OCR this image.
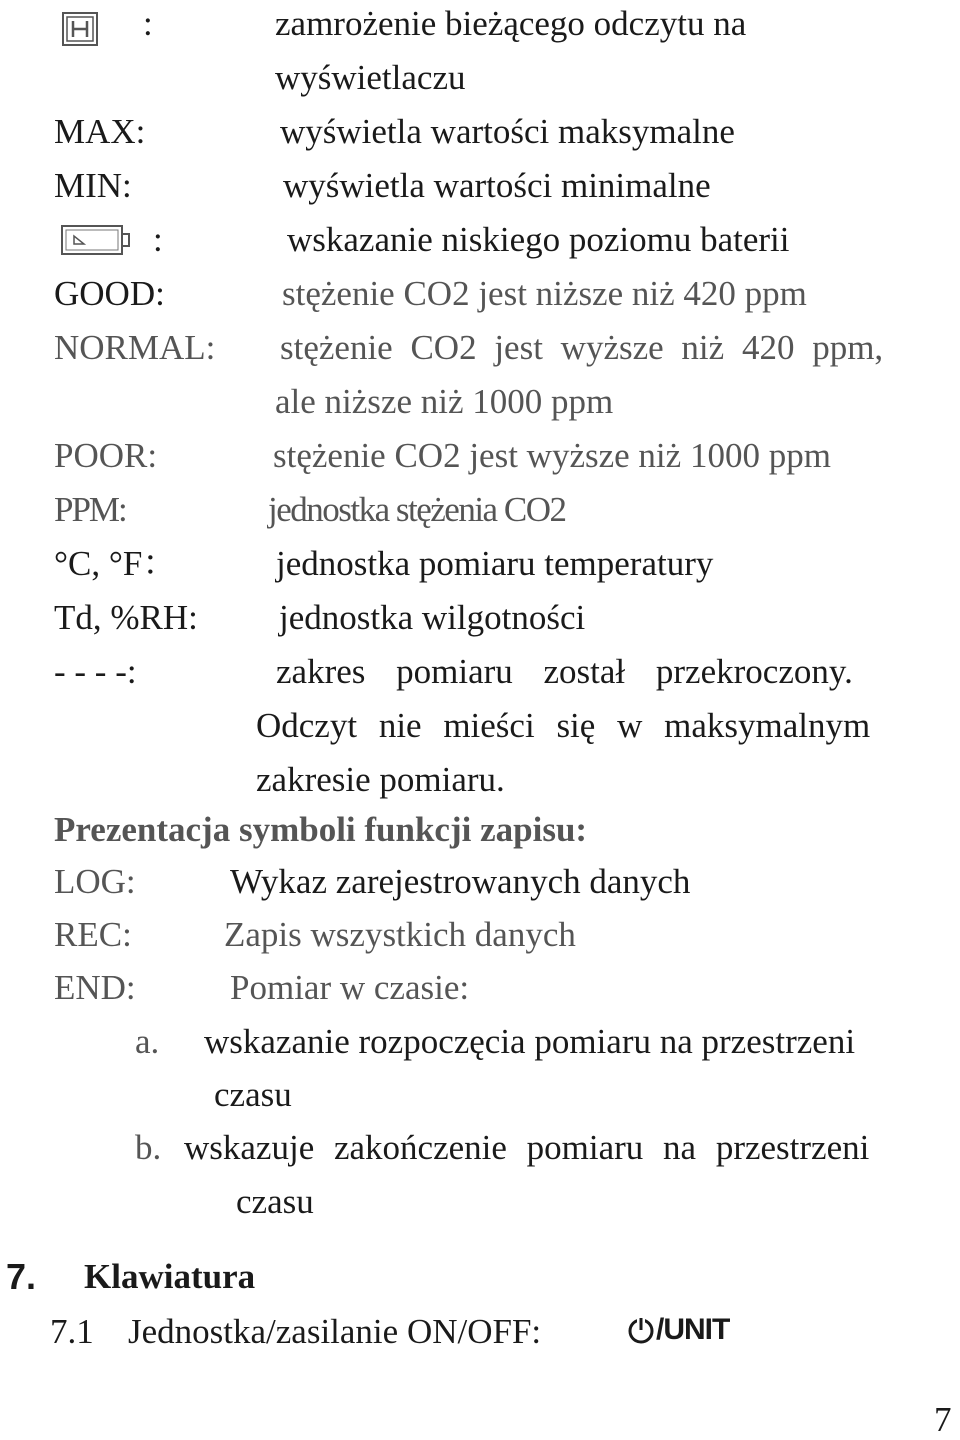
:	zamrożenie bieżącego odczytu na
wyświetlaczu
MAX:	wyświetla wartości maksymalne
MIN:	wyświetla wartości minimalne
:	wskazanie niskiego poziomu baterii
GOOD:	stężenie CO2 jest niższe niż 420 ppm
NORMAL: stężenie CO2 jest wyższe niż 420 ppm,
ale niższe niż 1000 ppm
POOR:	stężenie CO2 jest wyższe niż 1000 ppm
PPM:	jednostka stężenia CO2
°C, °F：	jednostka pomiaru temperatury
Td, %RH: jednostka wilgotności
- - - -:	zakres pomiaru został przekroczony.
Odczyt nie mieści się w maksymalnym
zakresie pomiaru.
Prezentacja symboli funkcji zapisu:
LOG:	Wykaz zarejestrowanych danych
REC:	Zapis wszystkich danych
END:	Pomiar w czasie:
a. wskazanie rozpoczęcia pomiaru na przestrzeni
czasu
b. wskazuje zakończenie pomiaru na przestrzeni
czasu
7. Klawiatura
7.1 Jednostka/zasilanie ON/OFF:	/UNIT
7
